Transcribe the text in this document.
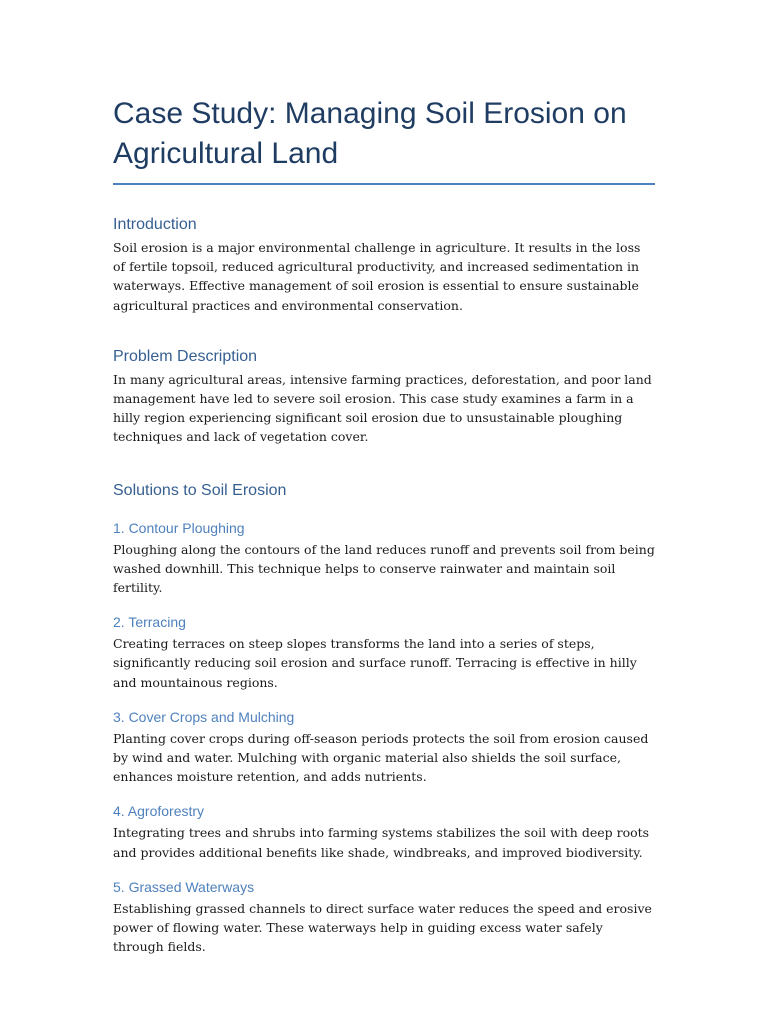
Case Study: Managing Soil Erosion on Agricultural Land
Introduction

Soil erosion is a major environmental challenge in agriculture. It results in the loss of fertile topsoil, reduced agricultural productivity, and increased sedimentation in waterways. Effective management of soil erosion is essential to ensure sustainable agricultural practices and environmental conservation.

Problem Description

In many agricultural areas, intensive farming practices, deforestation, and poor land management have led to severe soil erosion. This case study examines a farm in a hilly region experiencing significant soil erosion due to unsustainable ploughing techniques and lack of vegetation cover.

Solutions to Soil Erosion
1. Contour Ploughing

Ploughing along the contours of the land reduces runoff and prevents soil from being washed downhill. This technique helps to conserve rainwater and maintain soil fertility.

2. Terracing

Creating terraces on steep slopes transforms the land into a series of steps, significantly reducing soil erosion and surface runoff. Terracing is effective in hilly and mountainous regions.

3. Cover Crops and Mulching

Planting cover crops during off-season periods protects the soil from erosion caused by wind and water. Mulching with organic material also shields the soil surface, enhances moisture retention, and adds nutrients.

4. Agroforestry

Integrating trees and shrubs into farming systems stabilizes the soil with deep roots and provides additional benefits like shade, windbreaks, and improved biodiversity.

5. Grassed Waterways

Establishing grassed channels to direct surface water reduces the speed and erosive power of flowing water. These waterways help in guiding excess water safely through fields.
